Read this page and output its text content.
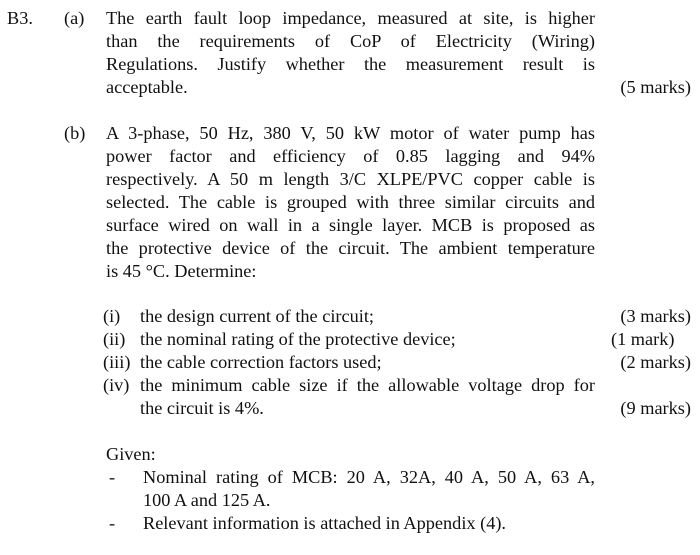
B3. (a) The earth fault loop impedance, measured at site, is higher
than the requirements of CoP of Electricity (Wiring)
Regulations. Justify whether the measurement result is
acceptable.	(5 marks)
(b) A 3-phase, 50 Hz, 380 V, 50 kW motor of water pump has
power factor and efficiency of 0.85 lagging and 94%
respectively. A 50 m length 3/C XLPE/PVC copper cable is
selected. The cable is grouped with three similar circuits and
surface wired on wall in a single layer. MCB is proposed as
the protective device of the circuit. The ambient temperature
is 45 °C. Determine:
(i) the design current of the circuit;	(3 marks)
(ii) the nominal rating of the protective device;	(1 mark)
(iii) the cable correction factors used;	(2 marks)
(iv) the minimum cable size if the allowable voltage drop for
the circuit is 4%.	(9 marks)
Given:
- Nominal rating of MCB: 20 A, 32A, 40 A, 50 A, 63 A,
100 A and 125 A.
- Relevant information is attached in Appendix (4).
